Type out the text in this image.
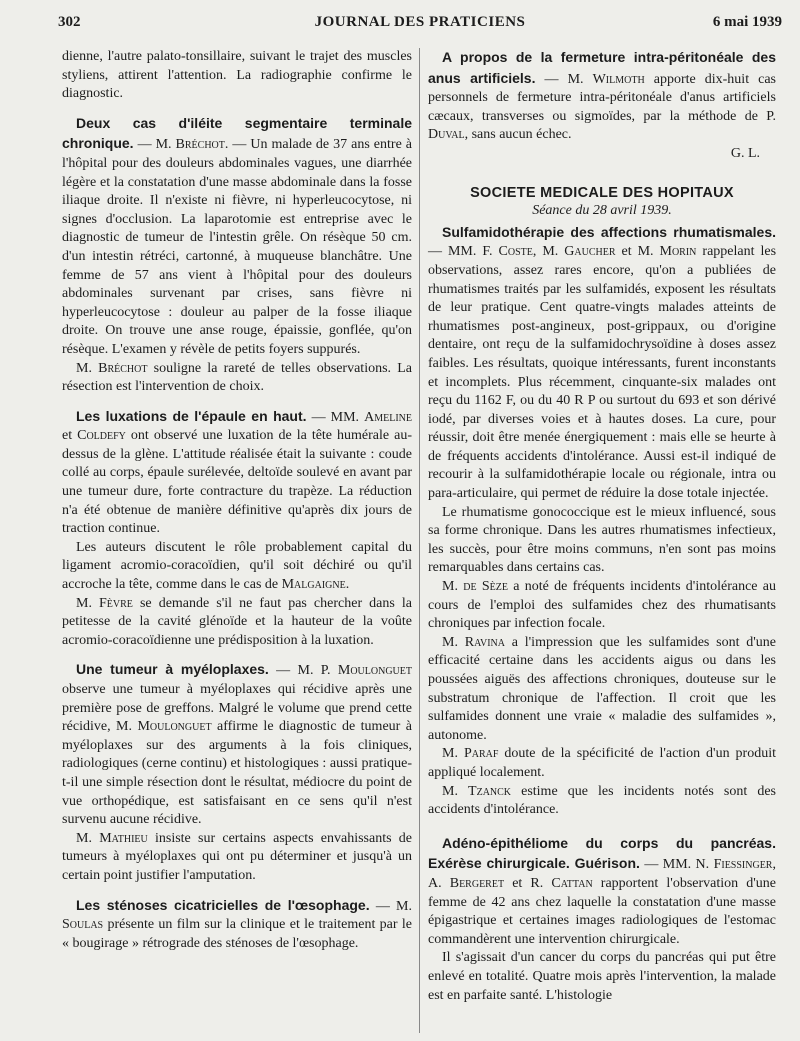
302	JOURNAL DES PRATICIENS	6 mai 1939

dienne, l'autre palato-tonsillaire, suivant le trajet des muscles styliens, attirent l'attention. La radiographie confirme le diagnostic.

Deux cas d'iléite segmentaire terminale chronique. — M. Bréchot. — Un malade de 37 ans entre à l'hôpital pour des douleurs abdominales vagues, une diarrhée légère et la constatation d'une masse abdominale dans la fosse iliaque droite. Il n'existe ni fièvre, ni hyperleucocytose, ni signes d'occlusion. La laparotomie est entreprise avec le diagnostic de tumeur de l'intestin grêle. On résèque 50 cm. d'un intestin rétréci, cartonné, à muqueuse blanchâtre. Une femme de 57 ans vient à l'hôpital pour des douleurs abdominales survenant par crises, sans fièvre ni hyperleucocytose : douleur au palper de la fosse iliaque droite. On trouve une anse rouge, épaissie, gonflée, qu'on résèque. L'examen y révèle de petits foyers suppurés.

M. Bréchot souligne la rareté de telles observations. La résection est l'intervention de choix.

Les luxations de l'épaule en haut. — MM. Ameline et Coldefy ont observé une luxation de la tête humérale au-dessus de la glène. L'attitude réalisée était la suivante : coude collé au corps, épaule surélevée, deltoïde soulevé en avant par une tumeur dure, forte contracture du trapèze. La réduction n'a été obtenue de manière définitive qu'après dix jours de traction continue.

Les auteurs discutent le rôle probablement capital du ligament acromio-coracoïdien, qu'il soit déchiré ou qu'il accroche la tête, comme dans le cas de Malgaigne.

M. Fèvre se demande s'il ne faut pas chercher dans la petitesse de la cavité glénoïde et la hauteur de la voûte acromio-coracoïdienne une prédisposition à la luxation.

Une tumeur à myéloplaxes. — M. P. Moulonguet observe une tumeur à myéloplaxes qui récidive après une première pose de greffons. Malgré le volume que prend cette récidive, M. Moulonguet affirme le diagnostic de tumeur à myéloplaxes sur des arguments à la fois cliniques, radiologiques (cerne continu) et histologiques : aussi pratique-t-il une simple résection dont le résultat, médiocre du point de vue orthopédique, est satisfaisant en ce sens qu'il n'est survenu aucune récidive.

M. Mathieu insiste sur certains aspects envahissants de tumeurs à myéloplaxes qui ont pu déterminer et jusqu'à un certain point justifier l'amputation.

Les sténoses cicatricielles de l'œsophage. — M. Soulas présente un film sur la clinique et le traitement par le « bougirage » rétrograde des sténoses de l'œsophage.

A propos de la fermeture intra-péritonéale des anus artificiels. — M. Wilmoth apporte dix-huit cas personnels de fermeture intra-péritonéale d'anus artificiels cæcaux, transverses ou sigmoïdes, par la méthode de P. Duval, sans aucun échec.

G. L.

SOCIETE MEDICALE DES HOPITAUX
Séance du 28 avril 1939.

Sulfamidothérapie des affections rhumatismales. — MM. F. Coste, M. Gaucher et M. Morin rappelant les observations, assez rares encore, qu'on a publiées de rhumatismes traités par les sulfamidés, exposent les résultats de leur pratique. Cent quatre-vingts malades atteints de rhumatismes post-angineux, post-grippaux, ou d'origine dentaire, ont reçu de la sulfamidochrysoïdine à doses assez faibles. Les résultats, quoique intéressants, furent inconstants et incomplets. Plus récemment, cinquante-six malades ont reçu du 1162 F, ou du 40 R P ou surtout du 693 et son dérivé iodé, par diverses voies et à hautes doses. La cure, pour réussir, doit être menée énergiquement : mais elle se heurte à de fréquents accidents d'intolérance. Aussi est-il indiqué de recourir à la sulfamidothérapie locale ou régionale, intra ou para-articulaire, qui permet de réduire la dose totale injectée.

Le rhumatisme gonococcique est le mieux influencé, sous sa forme chronique. Dans les autres rhumatismes infectieux, les succès, pour être moins communs, n'en sont pas moins remarquables dans certains cas.

M. de Sèze a noté de fréquents incidents d'intolérance au cours de l'emploi des sulfamides chez des rhumatisants chroniques par infection focale.

M. Ravina a l'impression que les sulfamides sont d'une efficacité certaine dans les accidents aigus ou dans les poussées aiguës des affections chroniques, douteuse sur le substratum chronique de l'affection. Il croit que les sulfamides donnent une vraie « maladie des sulfamides », autonome.

M. Paraf doute de la spécificité de l'action d'un produit appliqué localement.

M. Tzanck estime que les incidents notés sont des accidents d'intolérance.

Adéno-épithéliome du corps du pancréas. Exérèse chirurgicale. Guérison. — MM. N. Fiessinger, A. Bergeret et R. Cattan rapportent l'observation d'une femme de 42 ans chez laquelle la constatation d'une masse épigastrique et certaines images radiologiques de l'estomac commandèrent une intervention chirurgicale.

Il s'agissait d'un cancer du corps du pancréas qui put être enlevé en totalité. Quatre mois après l'intervention, la malade est en parfaite santé. L'histologie
